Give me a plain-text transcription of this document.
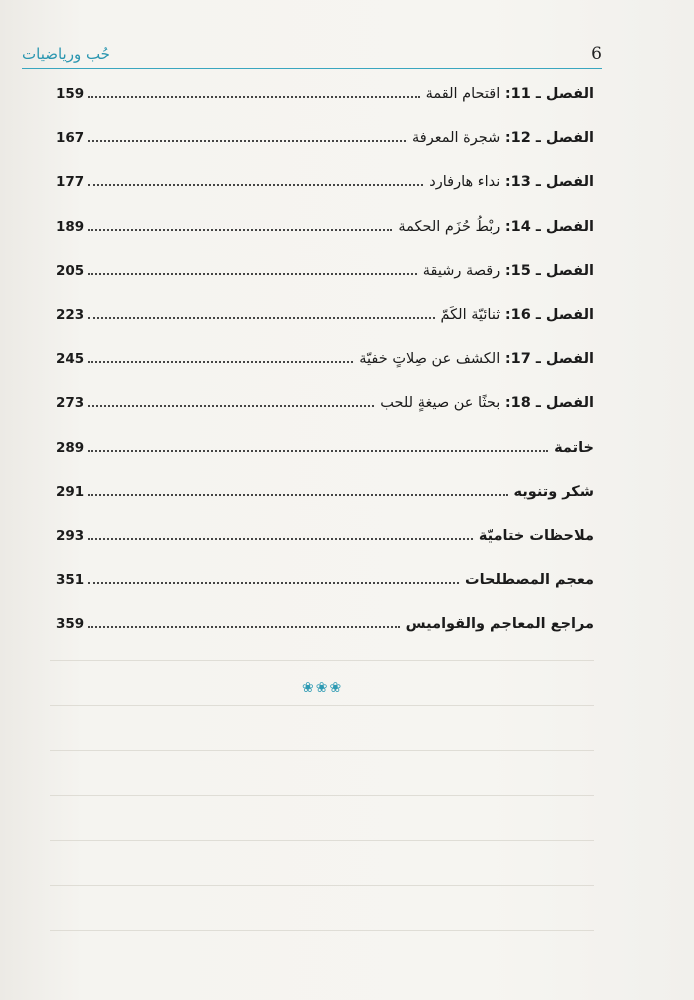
حُب ورياضيات	6
الفصل ـ 11: اقتحام القمة
159
الفصل ـ 12: شجرة المعرفة
167
الفصل ـ 13: نداء هارفارد
177
الفصل ـ 14: ربْطُ حُزَم الحكمة
189
الفصل ـ 15: رقصة رشيقة
205
الفصل ـ 16: ثنائيّة الكَمّ
223
الفصل ـ 17: الكشف عن صِلاتٍ خفيّة
245
الفصل ـ 18: بحثًا عن صيغةٍ للحب
273
خاتمة
289
شكر وتنويه
291
ملاحظات ختاميّة
293
معجم المصطلحات
351
مراجع المعاجم والقواميس
359
❀❀❀
